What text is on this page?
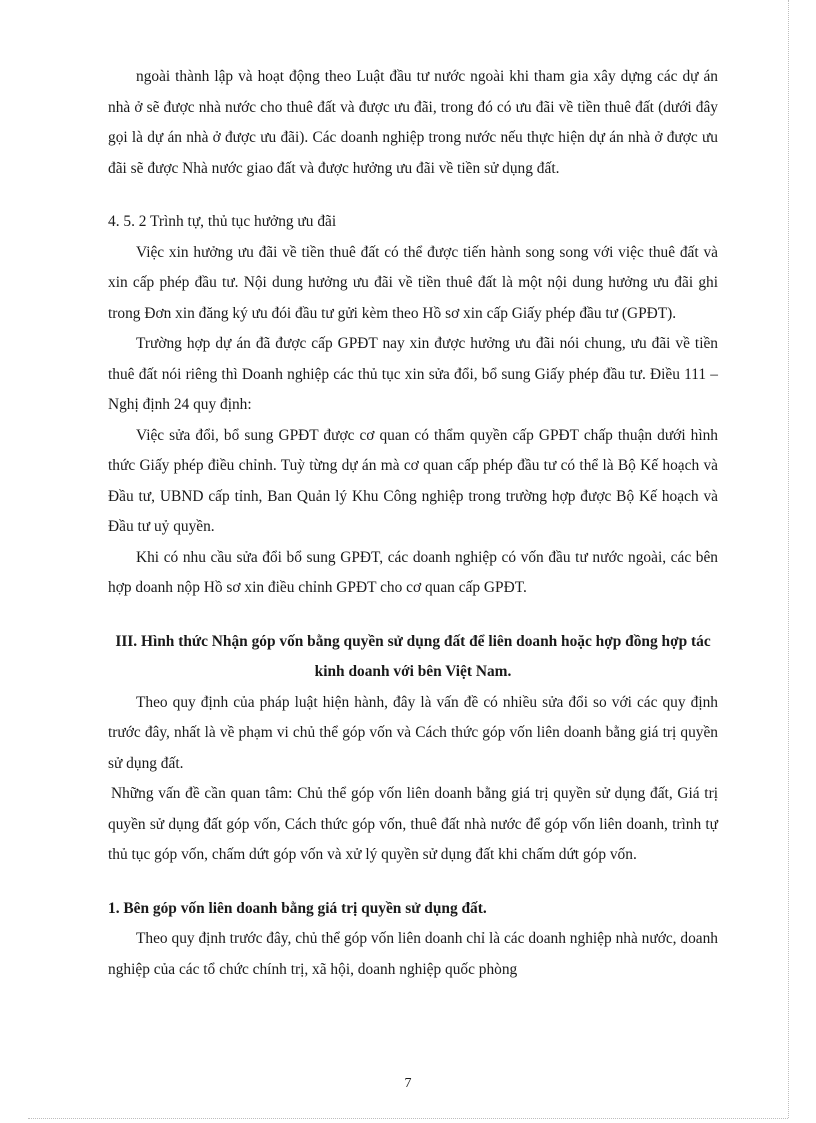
ngoài thành lập và hoạt động theo Luật đầu tư nước ngoài khi tham gia xây dựng các dự án nhà ở sẽ được nhà nước cho thuê đất và được ưu đãi, trong đó có ưu đãi về tiền thuê đất (dưới đây gọi là dự án nhà ở được ưu đãi). Các doanh nghiệp trong nước nếu thực hiện dự án nhà ở được ưu đãi sẽ được Nhà nước giao đất và được hưởng ưu đãi về tiền sử dụng đất.

4. 5. 2 Trình tự, thủ tục hưởng ưu đãi

Việc xin hưởng ưu đãi về tiền thuê đất có thể được tiến hành song song với việc thuê đất và xin cấp phép đầu tư. Nội dung hưởng ưu đãi về tiền thuê đất là một nội dung hưởng ưu đãi ghi trong Đơn xin đăng ký ưu đói đầu tư gửi kèm theo Hồ sơ xin cấp Giấy phép đầu tư (GPĐT).

Trường hợp dự án đã được cấp GPĐT nay xin được hưởng ưu đãi nói chung, ưu đãi về tiền thuê đất nói riêng thì Doanh nghiệp các thủ tục xin sửa đổi, bổ sung Giấy phép đầu tư. Điều 111 – Nghị định 24 quy định:

Việc sửa đổi, bổ sung GPĐT được cơ quan có thẩm quyền cấp GPĐT chấp thuận dưới hình thức Giấy phép điều chỉnh. Tuỳ từng dự án mà cơ quan cấp phép đầu tư có thể là Bộ Kế hoạch và Đầu tư, UBND cấp tỉnh, Ban Quản lý Khu Công nghiệp trong trường hợp được Bộ Kế hoạch và Đầu tư uỷ quyền.

Khi có nhu cầu sửa đổi bổ sung GPĐT, các doanh nghiệp có vốn đầu tư nước ngoài, các bên hợp doanh nộp Hồ sơ xin điều chỉnh GPĐT cho cơ quan cấp GPĐT.

III. Hình thức Nhận góp vốn bằng quyền sử dụng đất để liên doanh hoặc hợp đồng hợp tác kinh doanh với bên Việt Nam.

Theo quy định của pháp luật hiện hành, đây là vấn đề có nhiều sửa đổi so với các quy định trước đây, nhất là về phạm vi chủ thể góp vốn và Cách thức góp vốn liên doanh bằng giá trị quyền sử dụng đất.

Những vấn đề cần quan tâm: Chủ thể góp vốn liên doanh bằng giá trị quyền sử dụng đất, Giá trị quyền sử dụng đất góp vốn, Cách thức góp vốn, thuê đất nhà nước để góp vốn liên doanh, trình tự thủ tục góp vốn, chấm dứt góp vốn và xử lý quyền sử dụng đất khi chấm dứt góp vốn.

1. Bên góp vốn liên doanh bằng giá trị quyền sử dụng đất.

Theo quy định trước đây, chủ thể góp vốn liên doanh chỉ là các doanh nghiệp nhà nước, doanh nghiệp của các tổ chức chính trị, xã hội, doanh nghiệp quốc phòng

7
